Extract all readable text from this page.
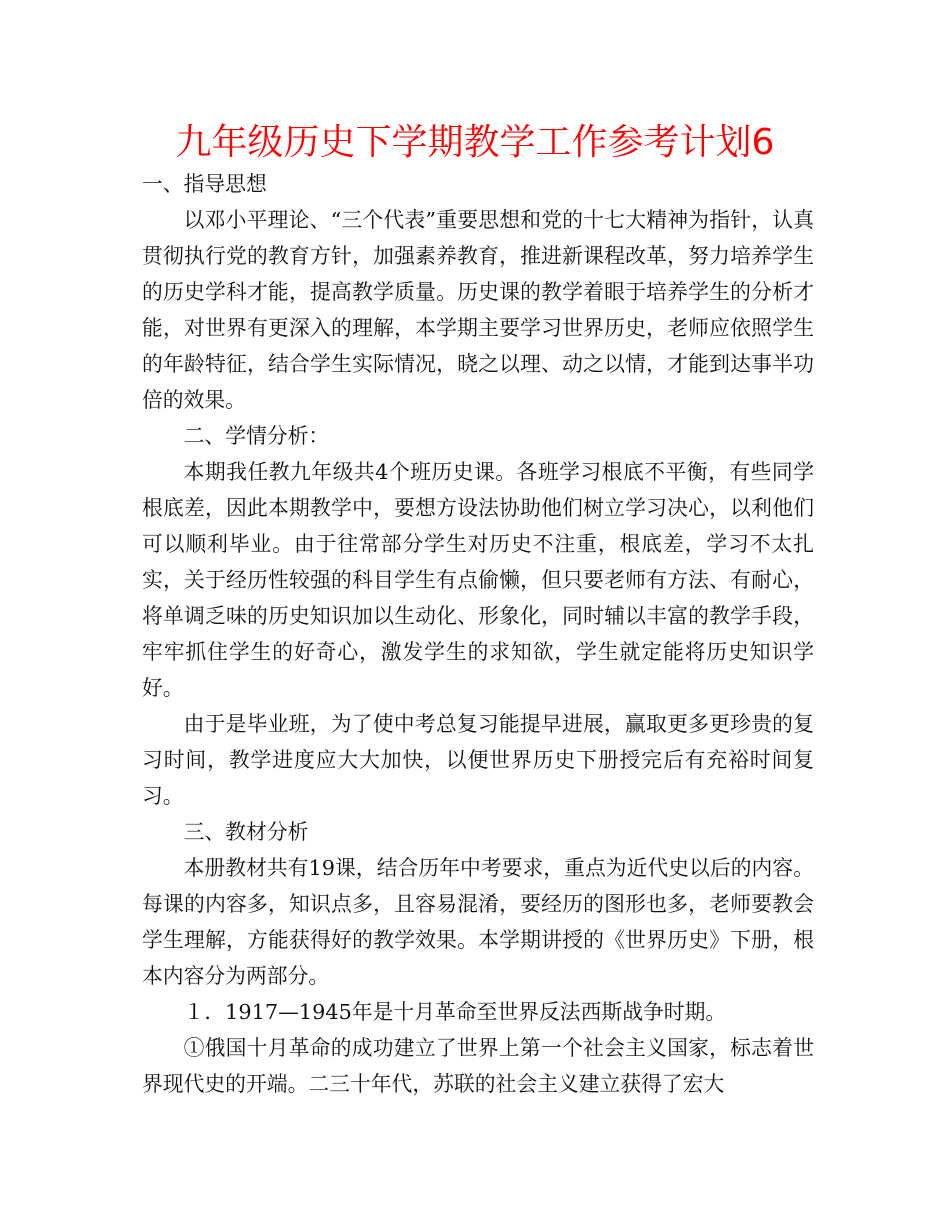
九年级历史下学期教学工作参考计划6

一、指导思想

以邓小平理论、“三个代表”重要思想和党的十七大精神为指针，认真贯彻执行党的教育方针，加强素养教育，推进新课程改革，努力培养学生的历史学科才能，提高教学质量。历史课的教学着眼于培养学生的分析才能，对世界有更深入的理解，本学期主要学习世界历史，老师应依照学生的年龄特征，结合学生实际情况，晓之以理、动之以情，才能到达事半功倍的效果。

二、学情分析：

本期我任教九年级共4个班历史课。各班学习根底不平衡，有些同学根底差，因此本期教学中，要想方设法协助他们树立学习决心，以利他们可以顺利毕业。由于往常部分学生对历史不注重，根底差，学习不太扎实，关于经历性较强的科目学生有点偷懒，但只要老师有方法、有耐心，将单调乏味的历史知识加以生动化、形象化，同时辅以丰富的教学手段，牢牢抓住学生的好奇心，激发学生的求知欲，学生就定能将历史知识学好。

由于是毕业班，为了使中考总复习能提早进展，赢取更多更珍贵的复习时间，教学进度应大大加快，以便世界历史下册授完后有充裕时间复习。

三、教材分析

本册教材共有19课，结合历年中考要求，重点为近代史以后的内容。每课的内容多，知识点多，且容易混淆，要经历的图形也多，老师要教会学生理解，方能获得好的教学效果。本学期讲授的《世界历史》下册，根本内容分为两部分。

１．1917—1945年是十月革命至世界反法西斯战争时期。

①俄国十月革命的成功建立了世界上第一个社会主义国家，标志着世界现代史的开端。二三十年代，苏联的社会主义建立获得了宏大
